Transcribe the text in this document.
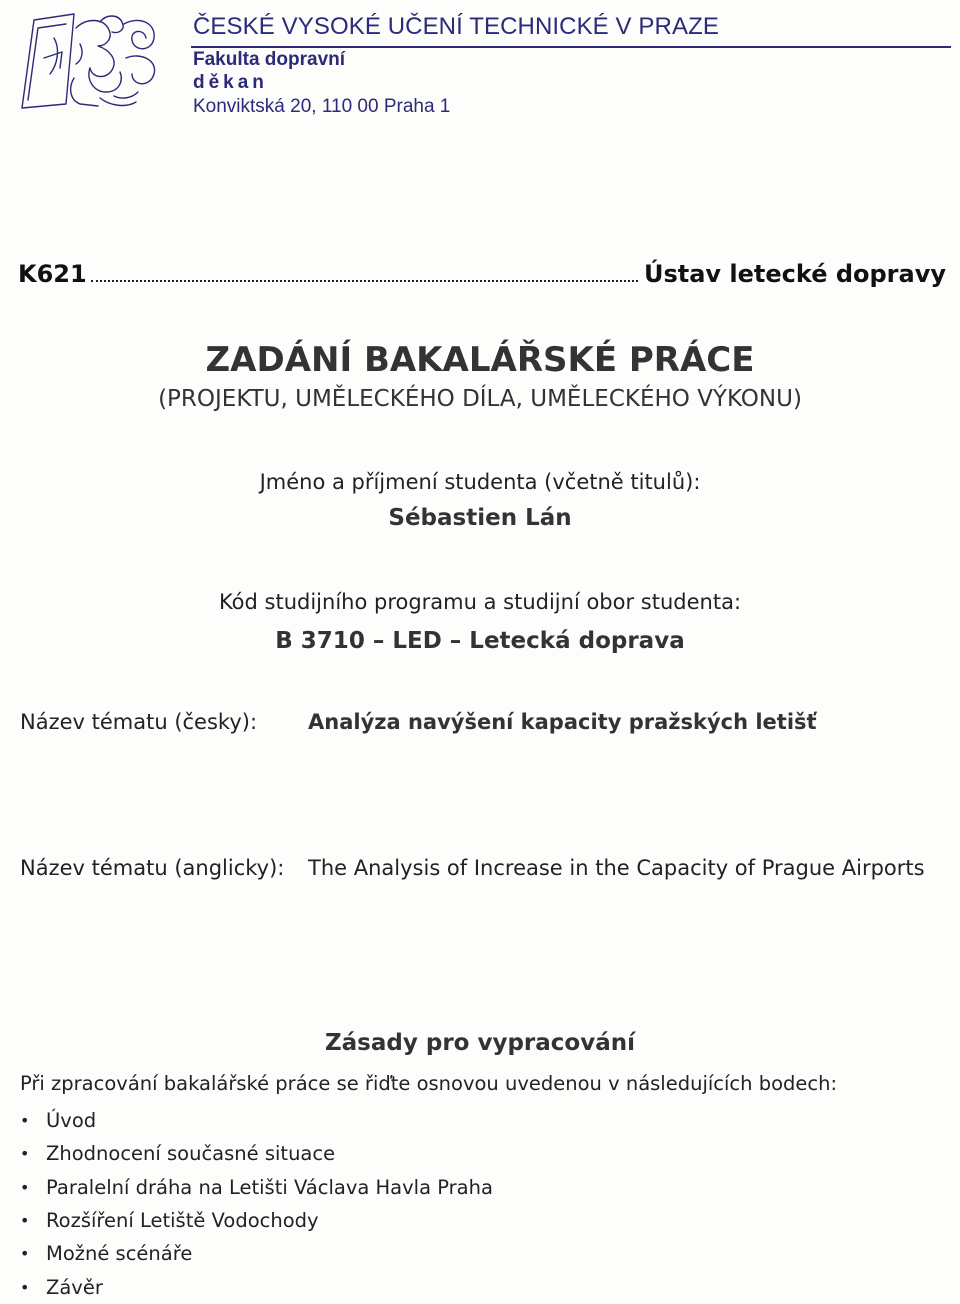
ČESKÉ VYSOKÉ UČENÍ TECHNICKÉ V PRAZE
Fakulta dopravní
děkan
Konviktská 20, 110 00 Praha 1
K621	Ústav letecké dopravy
ZADÁNÍ BAKALÁŘSKÉ PRÁCE
(PROJEKTU, UMĚLECKÉHO DÍLA, UMĚLECKÉHO VÝKONU)
Jméno a příjmení studenta (včetně titulů):
Sébastien Lán
Kód studijního programu a studijní obor studenta:
B 3710 – LED – Letecká doprava
Název tématu (česky): Analýza navýšení kapacity pražských letišť
Název tématu (anglicky): The Analysis of Increase in the Capacity of Prague Airports
Zásady pro vypracování
Při zpracování bakalářské práce se řiďte osnovou uvedenou v následujících bodech:
• Úvod
• Zhodnocení současné situace
• Paralelní dráha na Letišti Václava Havla Praha
• Rozšíření Letiště Vodochody
• Možné scénáře
• Závěr
